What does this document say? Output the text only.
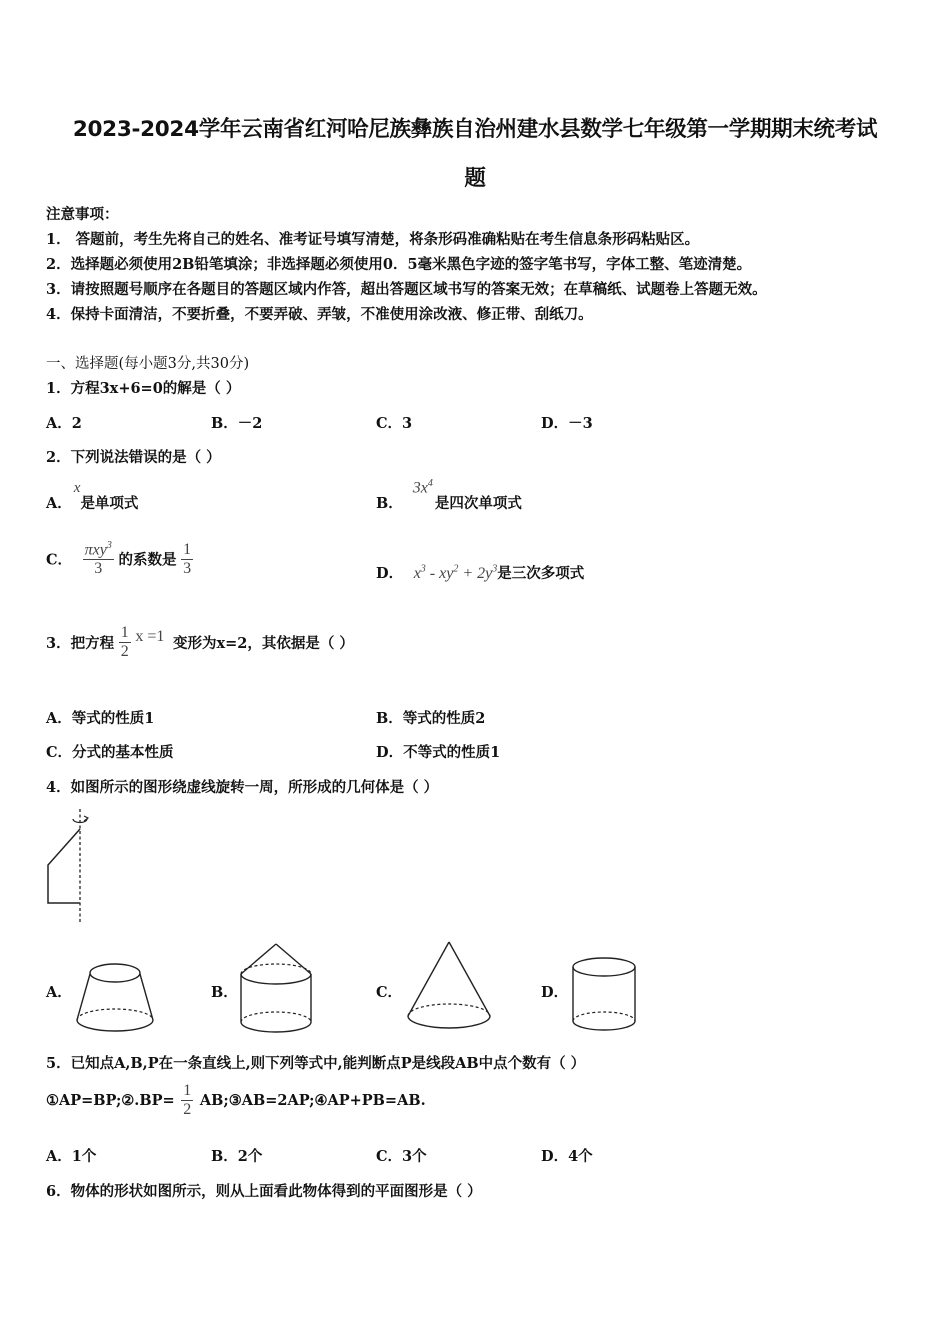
2023-2024学年云南省红河哈尼族彝族自治州建水县数学七年级第一学期期末统考试
题
注意事项：
1． 答题前，考生先将自己的姓名、准考证号填写清楚，将条形码准确粘贴在考生信息条形码粘贴区。
2．选择题必须使用2B铅笔填涂；非选择题必须使用0．5毫米黑色字迹的签字笔书写，字体工整、笔迹清楚。
3．请按照题号顺序在各题目的答题区域内作答，超出答题区域书写的答案无效；在草稿纸、试题卷上答题无效。
4．保持卡面清洁，不要折叠，不要弄破、弄皱，不准使用涂改液、修正带、刮纸刀。
一、选择题(每小题3分,共30分)
1．方程3x+6=0的解是（ ）
A．2	B．－2	C．3	D．－3
2．下列说法错误的是（ ）
A．x是单项式	B．$3x^4$是四次单项式
C． $\frac{\pi xy^3}{3}$ 的系数是 $\frac{1}{3}$	D． $x^3 - xy^2 + 2y^3$是三次多项式
3．把方程 $\frac{1}{2}$ x =1 变形为x=2，其依据是（ ）
A．等式的性质1	B．等式的性质2
C．分式的基本性质	D．不等式的性质1
4．如图所示的图形绕虚线旋转一周，所形成的几何体是（ ）
A．	B．	C．	D．
5．已知点A,B,P在一条直线上,则下列等式中,能判断点P是线段AB中点个数有（ ）
①AP=BP;②.BP= $\frac{1}{2}$ AB;③AB=2AP;④AP+PB=AB.
A．1个	B．2个	C．3个	D．4个
6．物体的形状如图所示，则从上面看此物体得到的平面图形是（ ）
